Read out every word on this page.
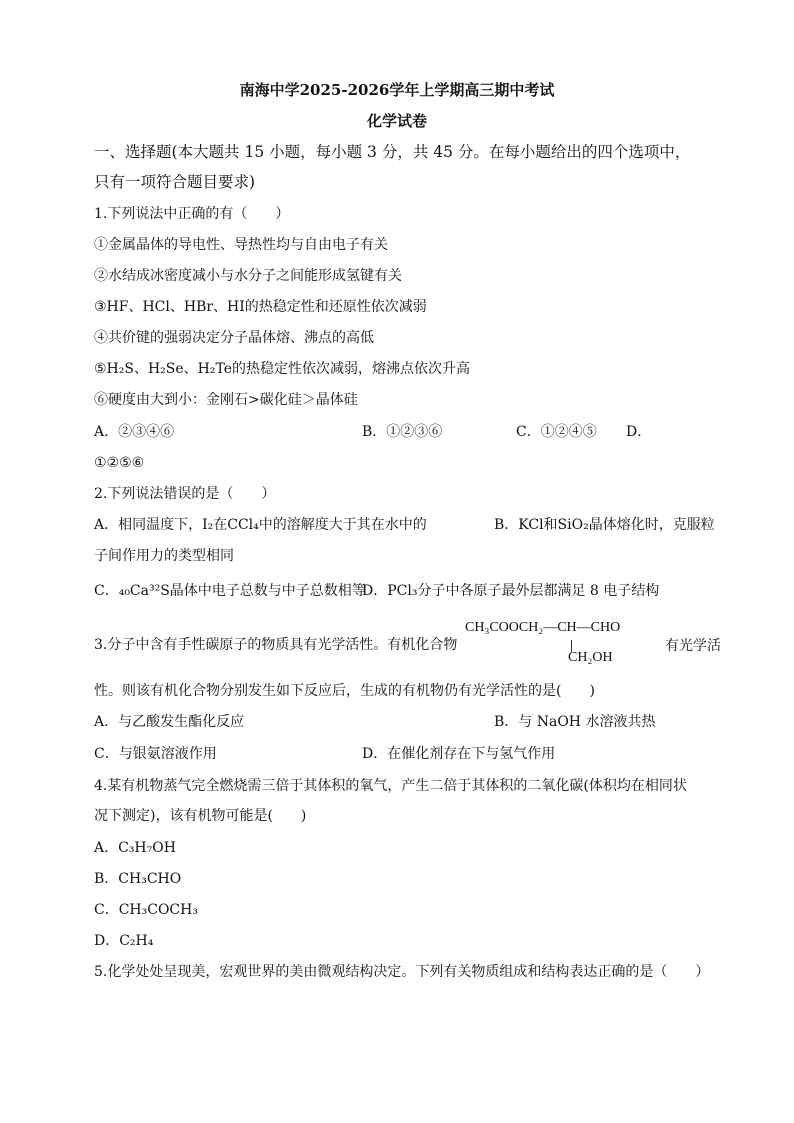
南海中学2025-2026学年上学期高三期中考试
化学试卷
一、选择题(本大题共 15 小题，每小题 3 分，共 45 分。在每小题给出的四个选项中，
只有一项符合题目要求)
1.下列说法中正确的有（　　）
①金属晶体的导电性、导热性均与自由电子有关
②水结成冰密度减小与水分子之间能形成氢键有关
③HF、HCl、HBr、HI的热稳定性和还原性依次减弱
④共价键的强弱决定分子晶体熔、沸点的高低
⑤H₂S、H₂Se、H₂Te的热稳定性依次减弱，熔沸点依次升高
⑥硬度由大到小：金刚石>碳化硅＞晶体硅
A．②③④⑥	B．①②③⑥	C．①②④⑤ D．
①②⑤⑥
2.下列说法错误的是（　　）
A．相同温度下，I₂在CCl₄中的溶解度大于其在水中的	B．KCl和SiO₂晶体熔化时，克服粒
子间作用力的类型相同
C．₄₀Ca³²S晶体中电子总数与中子总数相等
D．PCl₃分子中各原子最外层都满足 8 电子结构
3.分子中含有手性碳原子的物质具有光学活性。有机化合物
CH₃COOCH₂—CH—CHO
CH₂OH
有光学活
性。则该有机化合物分别发生如下反应后，生成的有机物仍有光学活性的是(　　)
A．与乙酸发生酯化反应	B．与 NaOH 水溶液共热
C．与银氨溶液作用	D．在催化剂存在下与氢气作用
4.某有机物蒸气完全燃烧需三倍于其体积的氧气，产生二倍于其体积的二氧化碳(体积均在相同状
况下测定)，该有机物可能是(　　)
A．C₃H₇OH
B．CH₃CHO
C．CH₃COCH₃
D．C₂H₄
5.化学处处呈现美，宏观世界的美由微观结构决定。下列有关物质组成和结构表达正确的是（　　）
